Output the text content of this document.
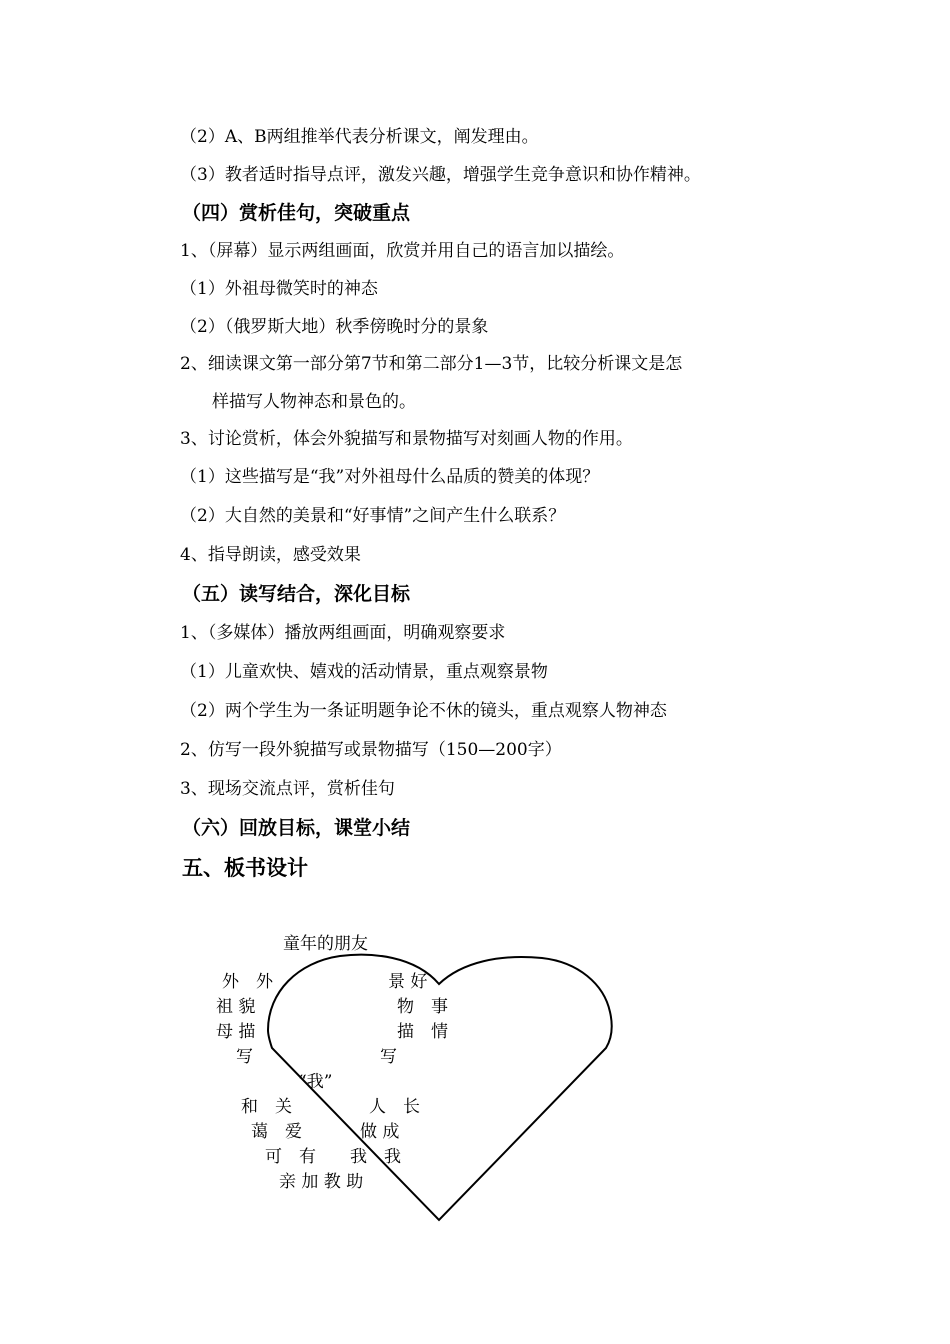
（2）A、B两组推举代表分析课文，阐发理由。
（3）教者适时指导点评，激发兴趣，增强学生竞争意识和协作精神。
（四）赏析佳句，突破重点
1、（屏幕）显示两组画面，欣赏并用自己的语言加以描绘。
（1）外祖母微笑时的神态
（2）（俄罗斯大地）秋季傍晚时分的景象
2、细读课文第一部分第7节和第二部分1—3节，比较分析课文是怎
样描写人物神态和景色的。
3、讨论赏析，体会外貌描写和景物描写对刻画人物的作用。
（1）这些描写是“我”对外祖母什么品质的赞美的体现？
（2）大自然的美景和“好事情”之间产生什么联系？
4、指导朗读，感受效果
（五）读写结合，深化目标
1、（多媒体）播放两组画面，明确观察要求
（1）儿童欢快、嬉戏的活动情景，重点观察景物
（2）两个学生为一条证明题争论不休的镜头，重点观察人物神态
2、仿写一段外貌描写或景物描写（150—200字）
3、现场交流点评，赏析佳句
（六）回放目标，课堂小结
五、板书设计
童年的朋友
外　外
祖 貌
母 描
写
景 好
物　事
描　情
写
“我”
和　关
蔼　爱
可　有
人　长
做 成
我　我
亲 加 教 助
